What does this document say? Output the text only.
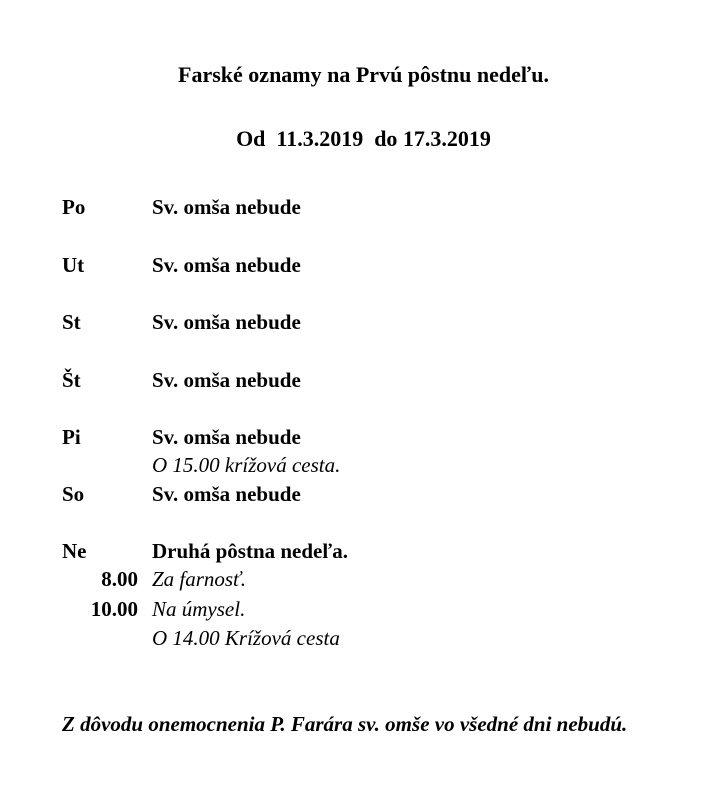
Farské oznamy na Prvú pôstnu nedeľu.
Od  11.3.2019  do 17.3.2019
Po	Sv. omša nebude
Ut	Sv. omša nebude
St	Sv. omša nebude
Št	Sv. omša nebude
Pi	Sv. omša nebude
O 15.00 krížová cesta.
So	Sv. omša nebude
Ne	Druhá pôstna nedeľa.
8.00 Za farnosť.
10.00 Na úmysel.
O 14.00 Krížová cesta
Z dôvodu onemocnenia P. Farára sv. omše vo všedné dni nebudú.
